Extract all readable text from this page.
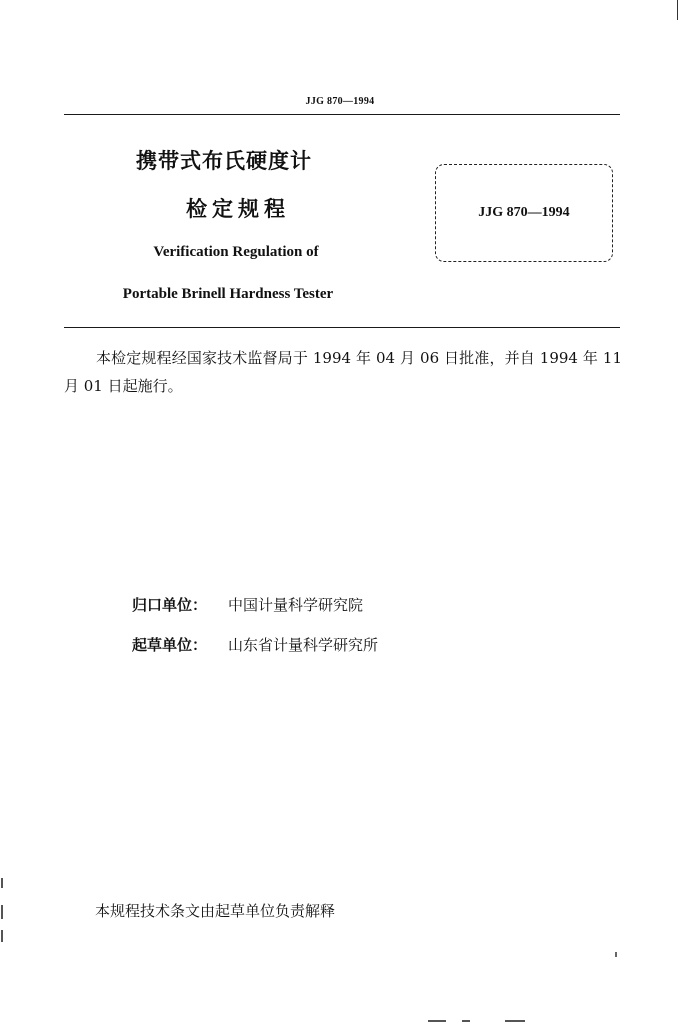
JJG 870—1994
携带式布氏硬度计
检定规程
Verification Regulation of
Portable Brinell Hardness Tester
JJG 870—1994
本检定规程经国家技术监督局于 1994 年 04 月 06 日批准，并自 1994 年 11 月 01 日起施行。
归口单位： 中国计量科学研究院
起草单位： 山东省计量科学研究所
本规程技术条文由起草单位负责解释
